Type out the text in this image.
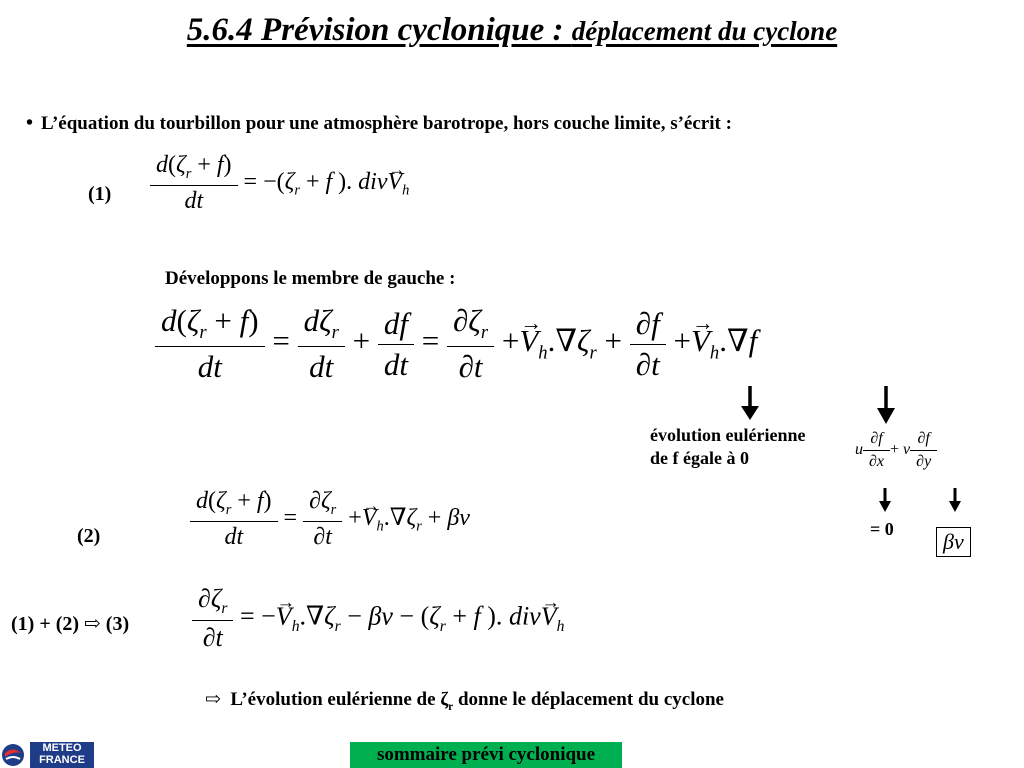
5.6.4 Prévision cyclonique : déplacement du cyclone
• L’équation du tourbillon pour une atmosphère barotrope, hors couche limite, s’écrit :
$(1) \frac{d(\zeta_r + f)}{dt} = -(\zeta_r + f$ ). $div\to V_h$
Développons le membre de gauche :
$\frac{d(\zeta_r + f)}{dt} = \frac{d\zeta_r}{dt} + \frac{df}{dt} = \frac{\partial\zeta_r}{\partial t} +\to V_h.\nabla\zeta_r + \frac{\partial f}{\partial t} +\to V_h.\nabla f$
évolution eulérienne
de f égale à 0	u $\frac{\partial f}{\partial x} + v \frac{\partial f}{\partial y}$
= 0	βv
(2)	$\frac{d(\zeta_r + f)}{dt} = \frac{\partial\zeta_r}{\partial t} +\to V_h.\nabla\zeta_r + \beta v$
(1) + (2) ⇨ $(3) \frac{\partial\zeta_r}{\partial t}$ = −→ $V_h.\nabla\zeta_r - \beta v - (\zeta_r + f$ ). $div\to V_h$
⇨ L’évolution eulérienne de $\zeta_r$ donne le déplacement du cyclone
METEO
FRANCE	sommaire prévi cyclonique
